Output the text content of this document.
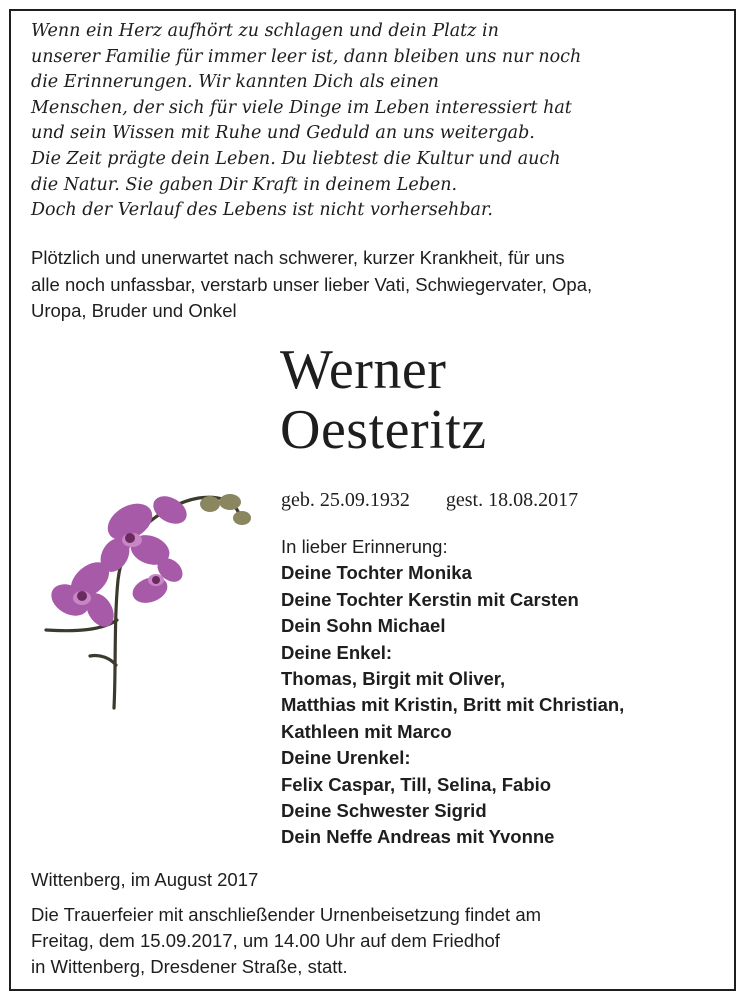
Wenn ein Herz aufhört zu schlagen und dein Platz in
unserer Familie für immer leer ist, dann bleiben uns nur noch
die Erinnerungen. Wir kannten Dich als einen
Menschen, der sich für viele Dinge im Leben interessiert hat
und sein Wissen mit Ruhe und Geduld an uns weitergab.
Die Zeit prägte dein Leben. Du liebtest die Kultur und auch
die Natur. Sie gaben Dir Kraft in deinem Leben.
Doch der Verlauf des Lebens ist nicht vorhersehbar.
Plötzlich und unerwartet nach schwerer, kurzer Krankheit, für uns
alle noch unfassbar, verstarb unser lieber Vati, Schwiegervater, Opa,
Uropa, Bruder und Onkel
Werner
Oesteritz
geb. 25.09.1932 gest. 18.08.2017
In lieber Erinnerung:
Deine Tochter Monika
Deine Tochter Kerstin mit Carsten
Dein Sohn Michael
Deine Enkel:
Thomas, Birgit mit Oliver,
Matthias mit Kristin, Britt mit Christian,
Kathleen mit Marco
Deine Urenkel:
Felix Caspar, Till, Selina, Fabio
Deine Schwester Sigrid
Dein Neffe Andreas mit Yvonne
Wittenberg, im August 2017
Die Trauerfeier mit anschließender Urnenbeisetzung findet am
Freitag, dem 15.09.2017, um 14.00 Uhr auf dem Friedhof
in Wittenberg, Dresdener Straße, statt.
